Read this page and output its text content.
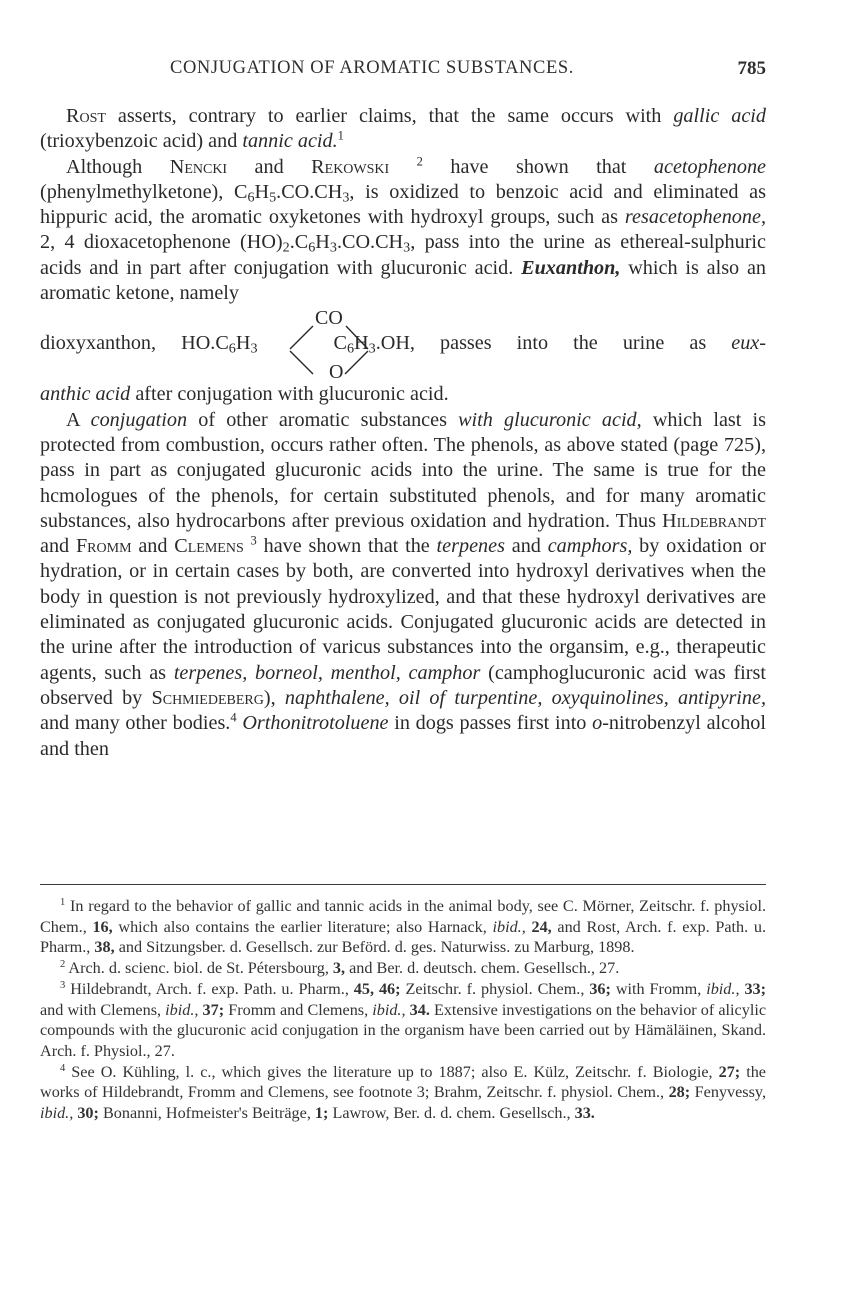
CONJUGATION OF AROMATIC SUBSTANCES.	785

Rost asserts, contrary to earlier claims, that the same occurs with gallic acid (trioxybenzoic acid) and tannic acid.$^1$

Although Nencki and Rekowski $^2$ have shown that acetophenone (phenylmethylketone), $C_6H_5.CO.CH_3$, is oxidized to benzoic acid and eliminated as hippuric acid, the aromatic oxyketones with hydroxyl groups, such as resacetophenone, 2, 4 dioxacetophenone $(HO)_2.C_6H_3.CO.CH_3$, pass into the urine as ethereal-sulphuric acids and in part after conjugation with glucuronic acid. Euxanthon, which is also an aromatic ketone, namely

CO
O
dioxyxanthon, $HO.C_6H_3$	$C_6H_3.OH$, passes into the urine as eux-

anthic acid after conjugation with glucuronic acid.

A conjugation of other aromatic substances with glucuronic acid, which last is protected from combustion, occurs rather often. The phenols, as above stated (page 725), pass in part as conjugated glucuronic acids into the urine. The same is true for the hcmologues of the phenols, for certain substituted phenols, and for many aromatic substances, also hydrocarbons after previous oxidation and hydration. Thus Hildebrandt and Fromm and Clemens $^3$ have shown that the terpenes and camphors, by oxidation or hydration, or in certain cases by both, are converted into hydroxyl derivatives when the body in question is not previously hydroxylized, and that these hydroxyl derivatives are eliminated as conjugated glucuronic acids. Conjugated glucuronic acids are detected in the urine after the introduction of varicus substances into the organsim, e.g., therapeutic agents, such as terpenes, borneol, menthol, camphor (camphoglucuronic acid was first observed by Schmiedeberg), naphthalene, oil of turpentine, oxyquinolines, antipyrine, and many other bodies.$^4$ Orthonitrotoluene in dogs passes first into o-nitrobenzyl alcohol and then

$^1$ In regard to the behavior of gallic and tannic acids in the animal body, see C. Mörner, Zeitschr. f. physiol. Chem., 16, which also contains the earlier literature; also Harnack, ibid., 24, and Rost, Arch. f. exp. Path. u. Pharm., 38, and Sitzungsber. d. Gesellsch. zur Beförd. d. ges. Naturwiss. zu Marburg, 1898.

$^2$ Arch. d. scienc. biol. de St. Pétersbourg, 3, and Ber. d. deutsch. chem. Gesellsch., 27.

$^3$ Hildebrandt, Arch. f. exp. Path. u. Pharm., 45, 46; Zeitschr. f. physiol. Chem., 36; with Fromm, ibid., 33; and with Clemens, ibid., 37; Fromm and Clemens, ibid., 34. Extensive investigations on the behavior of alicylic compounds with the glucuronic acid conjugation in the organism have been carried out by Hämäläinen, Skand. Arch. f. Physiol., 27.

$^4$ See O. Kühling, l. c., which gives the literature up to 1887; also E. Külz, Zeitschr. f. Biologie, 27; the works of Hildebrandt, Fromm and Clemens, see footnote 3; Brahm, Zeitschr. f. physiol. Chem., 28; Fenyvessy, ibid., 30; Bonanni, Hofmeister's Beiträge, 1; Lawrow, Ber. d. d. chem. Gesellsch., 33.
